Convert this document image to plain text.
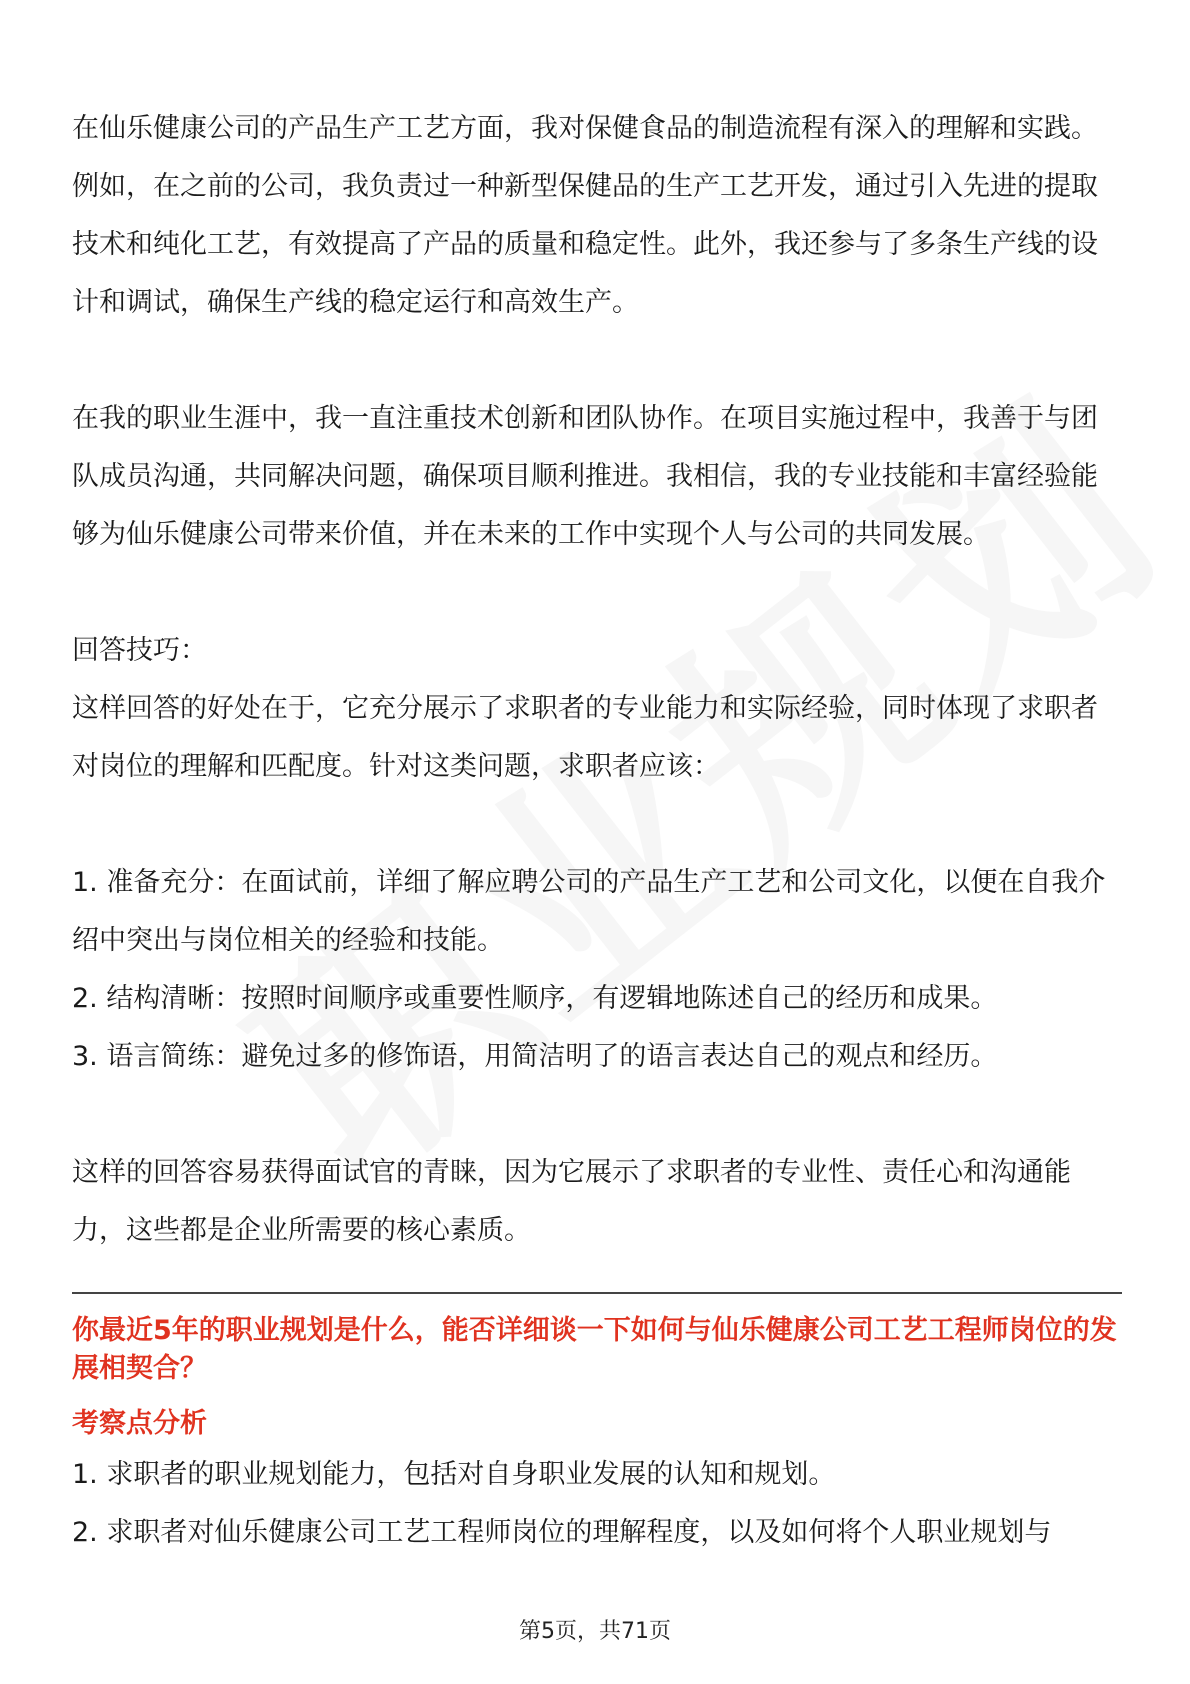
在仙乐健康公司的产品生产工艺方面，我对保健食品的制造流程有深入的理解和实践。例如，在之前的公司，我负责过一种新型保健品的生产工艺开发，通过引入先进的提取技术和纯化工艺，有效提高了产品的质量和稳定性。此外，我还参与了多条生产线的设计和调试，确保生产线的稳定运行和高效生产。

在我的职业生涯中，我一直注重技术创新和团队协作。在项目实施过程中，我善于与团队成员沟通，共同解决问题，确保项目顺利推进。我相信，我的专业技能和丰富经验能够为仙乐健康公司带来价值，并在未来的工作中实现个人与公司的共同发展。

回答技巧：

这样回答的好处在于，它充分展示了求职者的专业能力和实际经验，同时体现了求职者对岗位的理解和匹配度。针对这类问题，求职者应该：

1. 准备充分：在面试前，详细了解应聘公司的产品生产工艺和公司文化，以便在自我介绍中突出与岗位相关的经验和技能。

2. 结构清晰：按照时间顺序或重要性顺序，有逻辑地陈述自己的经历和成果。

3. 语言简练：避免过多的修饰语，用简洁明了的语言表达自己的观点和经历。

这样的回答容易获得面试官的青睐，因为它展示了求职者的专业性、责任心和沟通能力，这些都是企业所需要的核心素质。

你最近5年的职业规划是什么，能否详细谈一下如何与仙乐健康公司工艺工程师岗位的发展相契合？

考察点分析

1. 求职者的职业规划能力，包括对自身职业发展的认知和规划。

2. 求职者对仙乐健康公司工艺工程师岗位的理解程度，以及如何将个人职业规划与

第5页，共71页
